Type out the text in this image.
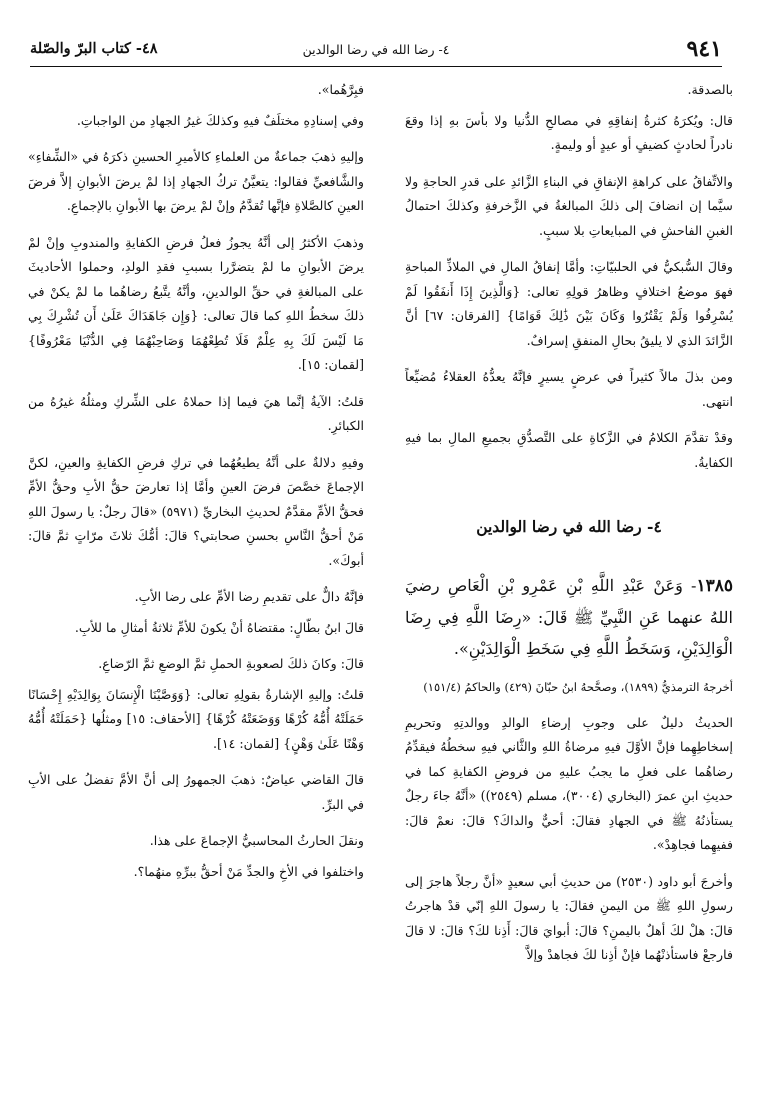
٩٤١
٤- رضا الله في رضا الوالدين
٤٨- كتاب البرّ والصّلة

بالصدقة.

قال: ويُكرَهُ كثرةُ إنفاقِهِ في مصالحِ الدُّنيا ولا بأسَ بهِ إذا وقعَ نادراً لحادثٍ كضيفٍ أو عيدٍ أو وليمةٍ.

والاتِّفاقُ على كراهةِ الإنفاقِ في البناءِ الزَّائدِ على قدرِ الحاجةِ ولا سيَّما إن انضافَ إلى ذلكَ المبالغةُ في الزَّخرفةِ وكذلكَ احتمالُ الغبنِ الفاحشِ في المبايعاتِ بلا سببٍ.

وقالَ السُّبكيُّ في الحلبيّاتِ: وأمَّا إنفاقُ المالِ في الملاذِّ المباحةِ فهوَ موضعُ اختلافٍ وظاهرُ قولِهِ تعالى: {وَالَّذِينَ إِذَا أَنفَقُوا لَمْ يُسْرِفُوا وَلَمْ يَقْتُرُوا وَكَانَ بَيْنَ ذَٰلِكَ قَوَامًا} [الفرقان: ٦٧] أنَّ الزَّائدَ الذي لا يليقُ بحالِ المنفقِ إسرافٌ.

ومن بذلَ مالاً كثيراً في عرضٍ يسيرٍ فإنَّهُ يعدُّهُ العقلاءُ مُضيِّعاً انتهى.

وقدْ تقدَّمَ الكلامُ في الزَّكاةِ على التَّصدُّقِ بجميعِ المالِ بما فيهِ الكفايةُ.

٤- رضا الله في رضا الوالدين

١٣٨٥- وَعَنْ عَبْدِ اللَّهِ بْنِ عَمْرِو بْنِ الْعَاصِ رضيَ اللهُ عنهما عَنِ النَّبِيِّ ﷺ قَالَ: «رِضَا اللَّهِ فِي رِضَا الْوَالِدَيْنِ، وَسَخَطُ اللَّهِ فِي سَخَطِ الْوَالِدَيْنِ».

أخرجهُ الترمذيُّ (١٨٩٩)، وصحَّحهُ ابنُ حبّانَ (٤٢٩) والحاكمُ (١٥١/٤)

الحديثُ دليلٌ على وجوبِ إرضاءِ الوالدِ ووالدتِهِ وتحريمِ إسخاطِهِما فإنَّ الأوَّلَ فيهِ مرضاةُ اللهِ والثَّاني فيهِ سخطُهُ فيقدِّمُ رضاهُما على فعلِ ما يجبُ عليهِ من فروضِ الكفايةِ كما في حديثِ ابنِ عمرَ (البخاري (٣٠٠٤)، مسلم (٢٥٤٩)) «أنَّهُ جاءَ رجلٌ يستأذنُهُ ﷺ في الجهادِ فقالَ: أحيٌّ والداكَ؟ قالَ: نعمْ قالَ: ففيهِما فجاهِدْ».

وأخرجَ أبو داود (٢٥٣٠) من حديثِ أبي سعيدٍ «أنَّ رجلاً هاجرَ إلى رسولِ اللهِ ﷺ من اليمنِ فقالَ: يا رسولَ اللهِ إنّي قدْ هاجرتُ قالَ: هلْ لكَ أهلٌ باليمنِ؟ قالَ: أبوايَ قالَ: أَذِنا لكَ؟ قالَ: لا قالَ فارجعْ فاستأذنْهُما فإنْ أذِنا لكَ فجاهدْ وإلاَّ

فبِرَّهُما».

وفي إسنادِهِ مختلَفٌ فيهِ وكذلكَ غيرُ الجهادِ من الواجباتِ.

وإليهِ ذهبَ جماعةٌ من العلماءِ كالأميرِ الحسينِ ذكرَهُ في «الشِّفاءِ» والشَّافعيِّ فقالوا: يتعيَّنُ تركُ الجهادِ إذا لمْ يرضَ الأبوانِ إلاَّ فرضَ العينِ كالصَّلاةِ فإنَّها تُقدَّمُ وإنْ لمْ يرضَ بها الأبوانِ بالإجماعِ.

وذهبَ الأكثرُ إلى أنَّهُ يجوزُ فعلُ فرضِ الكفايةِ والمندوبِ وإنْ لمْ يرضَ الأبوانِ ما لمْ يتضرَّرا بسببِ فقدِ الولدِ، وحملوا الأحاديثَ على المبالغةِ في حقِّ الوالدينِ، وأنَّهُ يتَّبعُ رضاهُما ما لمْ يكنْ في ذلكَ سخطُ اللهِ كما قالَ تعالى: {وَإِن جَاهَدَاكَ عَلَىٰ أَن تُشْرِكَ بِي مَا لَيْسَ لَكَ بِهِ عِلْمٌ فَلَا تُطِعْهُمَا وَصَاحِبْهُمَا فِي الدُّنْيَا مَعْرُوفًا} [لقمان: ١٥].

قلتُ: الآيةُ إنَّما هيَ فيما إذا حملاهُ على الشِّركِ ومثلُهُ غيرُهُ من الكبائرِ.

وفيهِ دلالةٌ على أنَّهُ يطيعُهُما في تركِ فرضِ الكفايةِ والعينِ، لكنَّ الإجماعَ خصَّصَ فرضَ العينِ وأمَّا إذا تعارضَ حقُّ الأبِ وحقُّ الأمِّ فحقُّ الأمِّ مقدَّمٌ لحديثِ البخاريِّ (٥٩٧١) «قالَ رجلٌ: يا رسولَ اللهِ مَنْ أحقُّ النَّاسِ بحسنِ صحابتي؟ قالَ: أمُّكَ ثلاثَ مرّاتٍ ثمَّ قالَ: أبوكَ».

فإنَّهُ دالٌّ على تقديمِ رضا الأمِّ على رضا الأبِ.

قالَ ابنُ بطّالٍ: مقتضاهُ أنْ يكونَ للأمِّ ثلاثةُ أمثالِ ما للأبِ.

قالَ: وكانَ ذلكَ لصعوبةِ الحملِ ثمَّ الوضعِ ثمَّ الرّضاعِ.

قلتُ: وإليهِ الإشارةُ بقولِهِ تعالى: {وَوَصَّيْنَا الْإِنسَانَ بِوَالِدَيْهِ إِحْسَانًا حَمَلَتْهُ أُمُّهُ كُرْهًا وَوَضَعَتْهُ كُرْهًا} [الأحقاف: ١٥] ومثلُها {حَمَلَتْهُ أُمُّهُ وَهْنًا عَلَىٰ وَهْنٍ} [لقمان: ١٤].

قالَ القاضي عياضٌ: ذهبَ الجمهورُ إلى أنَّ الأمَّ تفضلُ على الأبِ في البرِّ.

ونقلَ الحارثُ المحاسبيُّ الإجماعَ على هذا.

واختلفوا في الأخِ والجدِّ مَنْ أحقُّ ببرِّهِ منهُما؟.
